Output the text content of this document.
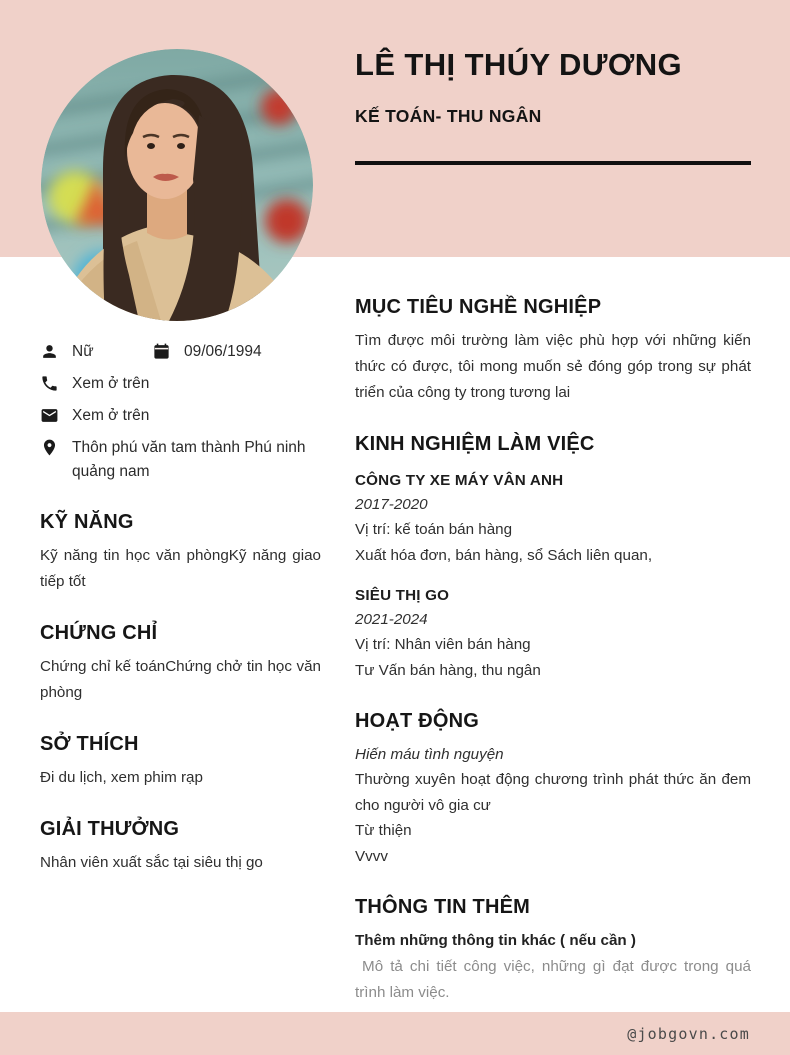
@jobgovn.com
LÊ THỊ THÚY DƯƠNG
KẾ TOÁN- THU NGÂN
Nữ	09/06/1994
Xem ở trên
Xem ở trên
Thôn phú văn tam thành Phú ninh quảng nam
KỸ NĂNG

Kỹ năng tin học văn phòngKỹ năng giao tiếp tốt

CHỨNG CHỈ

Chứng chỉ kế toánChứng chở tin học văn phòng

SỞ THÍCH

Đi du lịch, xem phim rạp

GIẢI THƯỞNG

Nhân viên xuất sắc tại siêu thị go

MỤC TIÊU NGHỀ NGHIỆP

Tìm được môi trường làm việc phù hợp với những kiến thức có được, tôi mong muốn sẻ đóng góp trong sự phát triển của công ty trong tương lai

KINH NGHIỆM LÀM VIỆC

CÔNG TY XE MÁY VÂN ANH

2017-2020

Vị trí: kế toán bán hàng

Xuất hóa đơn, bán hàng, sổ Sách liên quan,

SIÊU THỊ GO

2021-2024

Vị trí: Nhân viên bán hàng

Tư Vấn bán hàng, thu ngân

HOẠT ĐỘNG

Hiến máu tình nguyện

Thường xuyên hoạt động chương trình phát thức ăn đem cho người vô gia cư

Từ thiện

Vvvv

THÔNG TIN THÊM

Thêm những thông tin khác ( nếu cần )

Mô tả chi tiết công việc, những gì đạt được trong quá trình làm việc.
